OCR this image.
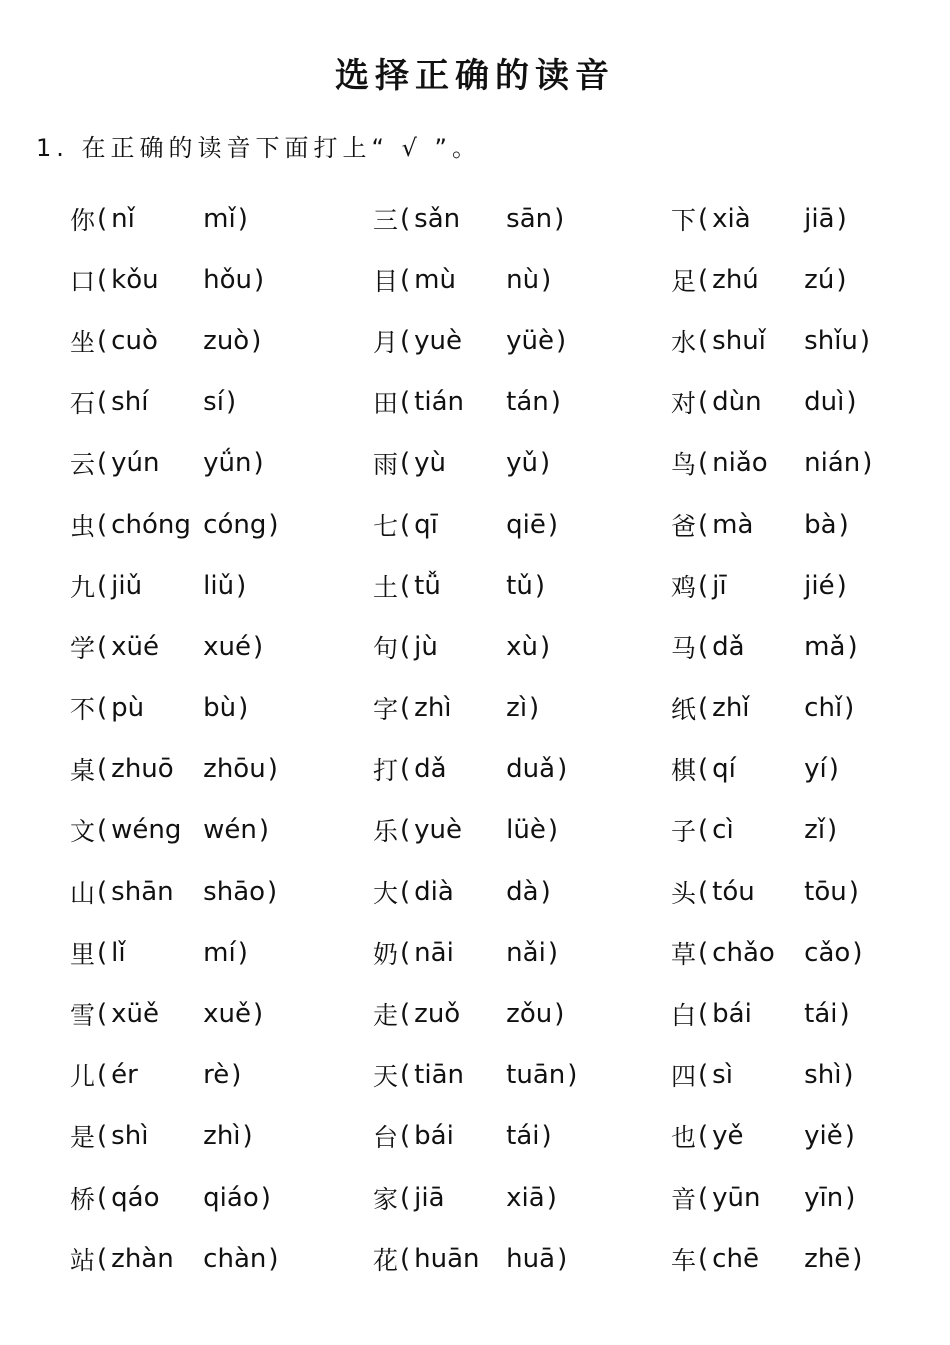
选择正确的读音
1. 在正确的读音下面打上“ √ ”。
你 ( nǐ	mǐ )	三 ( sǎn	sān )	下 ( xià	jiā )
口 ( kǒu	hǒu )	目 ( mù	nù )	足 ( zhú	zú )
坐 ( cuò	zuò )	月 ( yuè	yüè )	水 ( shuǐ	shǐu )
石 ( shí	sí )	田 ( tián	tán )	对 ( dùn	duì )
云 ( yún	yǘn )	雨 ( yù	yǔ )	鸟 ( niǎo	nián )
虫 ( chóng cóng )	七 ( qī	qiē )	爸 ( mà	bà )
九 ( jiǔ	liǔ )	土 ( tǚ	tǔ )	鸡 ( jī	jié )
学 ( xüé	xué )	句 ( jù	xù )	马 ( dǎ	mǎ )
不 ( pù	bù )	字 ( zhì	zì )	纸 ( zhǐ	chǐ )
桌 ( zhuō	zhōu )	打 ( dǎ	duǎ )	棋 ( qí	yí )
文 ( wéng wén )	乐 ( yuè	lüè )	子 ( cì	zǐ )
山 ( shān	shāo )	大 ( dià	dà )	头 ( tóu	tōu )
里 ( lǐ	mí )	奶 ( nāi	nǎi )	草 ( chǎo	cǎo )
雪 ( xüě	xuě )	走 ( zuǒ	zǒu )	白 ( bái	tái )
儿 ( ér	rè )	天 ( tiān	tuān )	四 ( sì	shì )
是 ( shì	zhì )	台 ( bái	tái )	也 ( yě	yiě )
桥 ( qáo	qiáo )	家 ( jiā	xiā )	音 ( yūn	yīn )
站 ( zhàn	chàn )	花 ( huān	huā )	车 ( chē	zhē )
